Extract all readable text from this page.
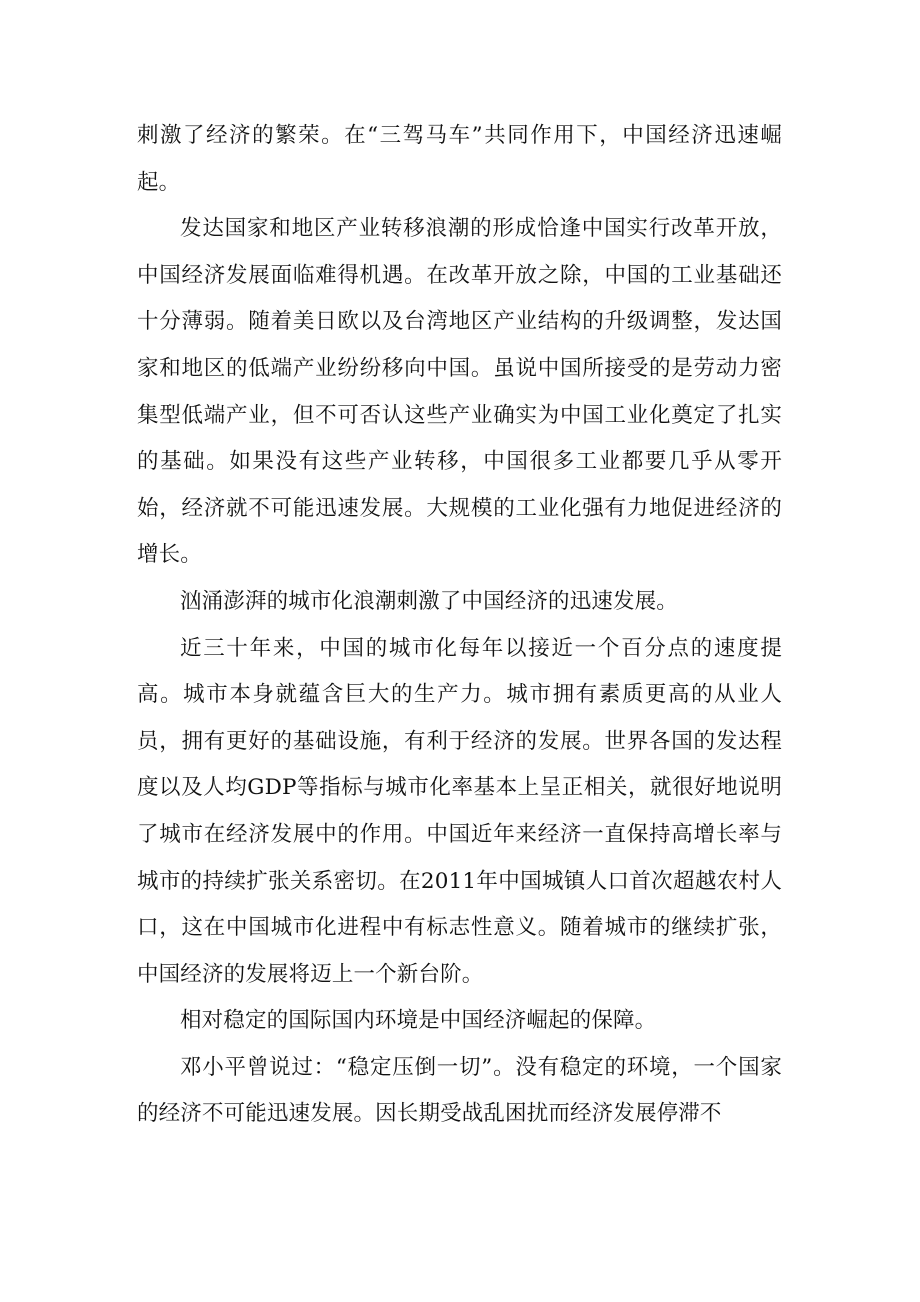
刺激了经济的繁荣。在“三驾马车”共同作用下，中国经济迅速崛起。

发达国家和地区产业转移浪潮的形成恰逢中国实行改革开放，中国经济发展面临难得机遇。在改革开放之除，中国的工业基础还十分薄弱。随着美日欧以及台湾地区产业结构的升级调整，发达国家和地区的低端产业纷纷移向中国。虽说中国所接受的是劳动力密集型低端产业，但不可否认这些产业确实为中国工业化奠定了扎实的基础。如果没有这些产业转移，中国很多工业都要几乎从零开始，经济就不可能迅速发展。大规模的工业化强有力地促进经济的增长。

汹涌澎湃的城市化浪潮刺激了中国经济的迅速发展。

近三十年来，中国的城市化每年以接近一个百分点的速度提高。城市本身就蕴含巨大的生产力。城市拥有素质更高的从业人员，拥有更好的基础设施，有利于经济的发展。世界各国的发达程度以及人均GDP等指标与城市化率基本上呈正相关，就很好地说明了城市在经济发展中的作用。中国近年来经济一直保持高增长率与城市的持续扩张关系密切。在2011年中国城镇人口首次超越农村人口，这在中国城市化进程中有标志性意义。随着城市的继续扩张，中国经济的发展将迈上一个新台阶。

相对稳定的国际国内环境是中国经济崛起的保障。

邓小平曾说过：“稳定压倒一切”。没有稳定的环境，一个国家的经济不可能迅速发展。因长期受战乱困扰而经济发展停滞不
